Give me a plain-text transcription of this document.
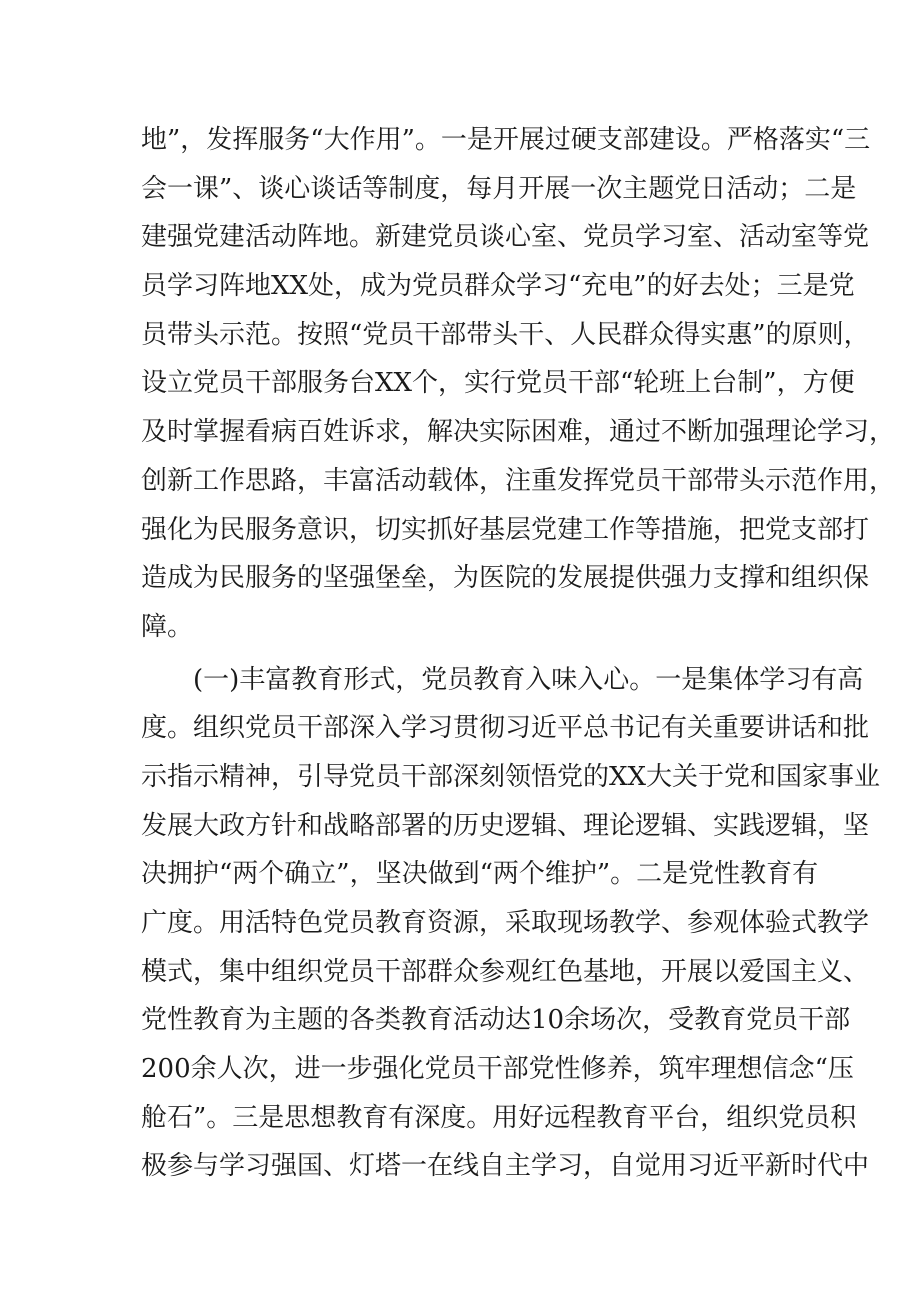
地”，发挥服务“大作用”。一是开展过硬支部建设。严格落实“三
会一课”、谈心谈话等制度，每月开展一次主题党日活动；二是
建强党建活动阵地。新建党员谈心室、党员学习室、活动室等党
员学习阵地XX处，成为党员群众学习“充电”的好去处；三是党
员带头示范。按照“党员干部带头干、人民群众得实惠”的原则，
设立党员干部服务台XX个，实行党员干部“轮班上台制”，方便
及时掌握看病百姓诉求，解决实际困难，通过不断加强理论学习，
创新工作思路，丰富活动载体，注重发挥党员干部带头示范作用，
强化为民服务意识，切实抓好基层党建工作等措施，把党支部打
造成为民服务的坚强堡垒，为医院的发展提供强力支撑和组织保
障。
(一)丰富教育形式，党员教育入味入心。一是集体学习有高
度。组织党员干部深入学习贯彻习近平总书记有关重要讲话和批
示指示精神，引导党员干部深刻领悟党的XX大关于党和国家事业
发展大政方针和战略部署的历史逻辑、理论逻辑、实践逻辑，坚
决拥护“两个确立”，坚决做到“两个维护”。二是党性教育有
广度。用活特色党员教育资源，采取现场教学、参观体验式教学
模式，集中组织党员干部群众参观红色基地，开展以爱国主义、
党性教育为主题的各类教育活动达10余场次，受教育党员干部
200余人次，进一步强化党员干部党性修养，筑牢理想信念“压
舱石”。三是思想教育有深度。用好远程教育平台，组织党员积
极参与学习强国、灯塔一在线自主学习，自觉用习近平新时代中
